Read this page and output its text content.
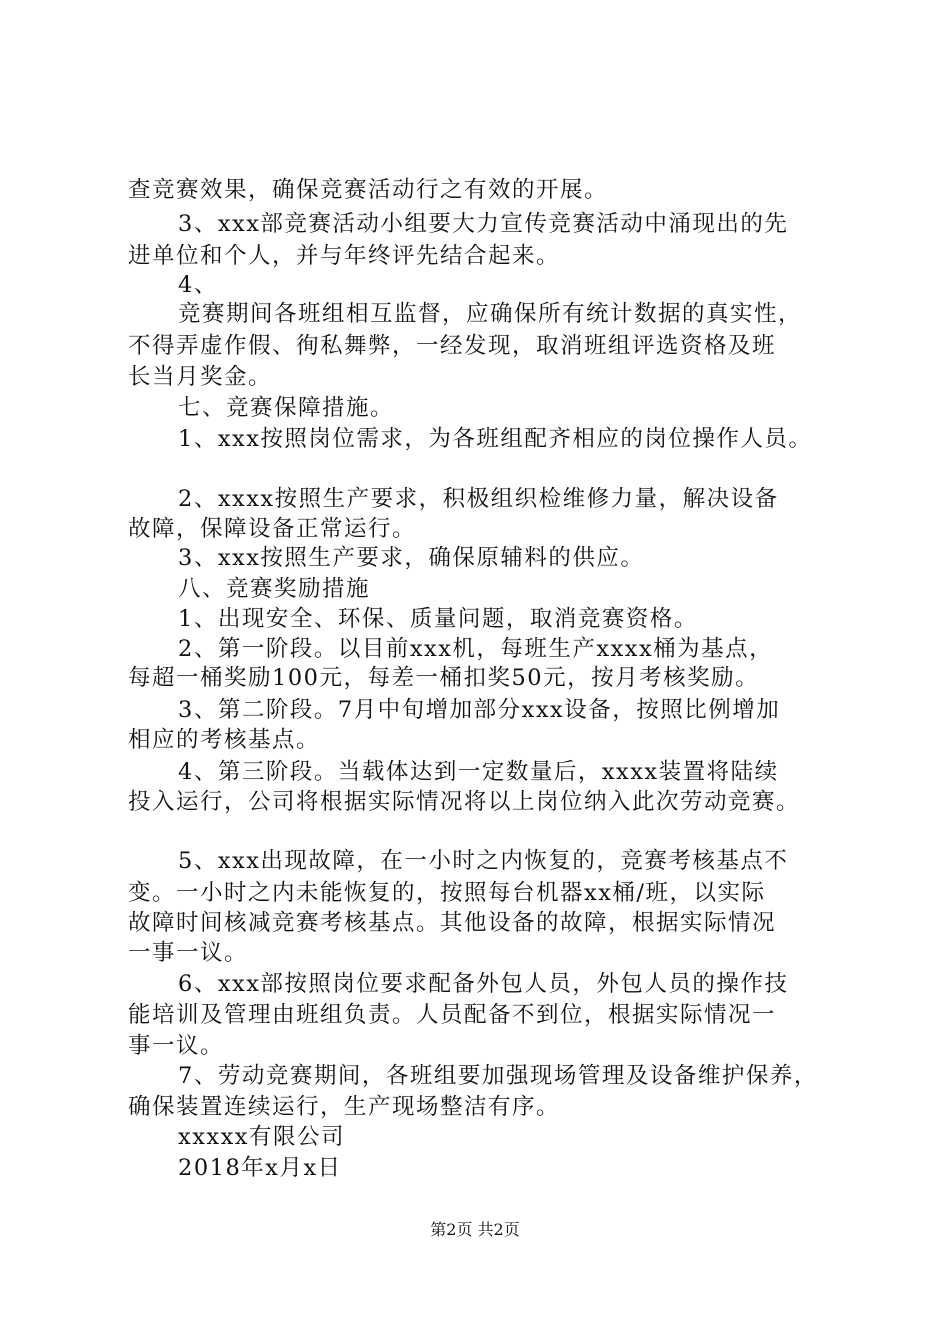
查竞赛效果，确保竞赛活动行之有效的开展。
3、xxx部竞赛活动小组要大力宣传竞赛活动中涌现出的先
进单位和个人，并与年终评先结合起来。
4、
竞赛期间各班组相互监督，应确保所有统计数据的真实性，
不得弄虚作假、徇私舞弊，一经发现，取消班组评选资格及班
长当月奖金。
七、竞赛保障措施。
1、xxx按照岗位需求，为各班组配齐相应的岗位操作人员。
2、xxxx按照生产要求，积极组织检维修力量，解决设备
故障，保障设备正常运行。
3、xxx按照生产要求，确保原辅料的供应。
八、竞赛奖励措施
1、出现安全、环保、质量问题，取消竞赛资格。
2、第一阶段。以目前xxx机，每班生产xxxx桶为基点，
每超一桶奖励100元，每差一桶扣奖50元，按月考核奖励。
3、第二阶段。7月中旬增加部分xxx设备，按照比例增加
相应的考核基点。
4、第三阶段。当载体达到一定数量后，xxxx装置将陆续
投入运行，公司将根据实际情况将以上岗位纳入此次劳动竞赛。
5、xxx出现故障，在一小时之内恢复的，竞赛考核基点不
变。一小时之内未能恢复的，按照每台机器xx桶/班，以实际
故障时间核减竞赛考核基点。其他设备的故障，根据实际情况
一事一议。
6、xxx部按照岗位要求配备外包人员，外包人员的操作技
能培训及管理由班组负责。人员配备不到位，根据实际情况一
事一议。
7、劳动竞赛期间，各班组要加强现场管理及设备维护保养，
确保装置连续运行，生产现场整洁有序。
xxxxx有限公司
2018年x月x日
第2页 共2页
